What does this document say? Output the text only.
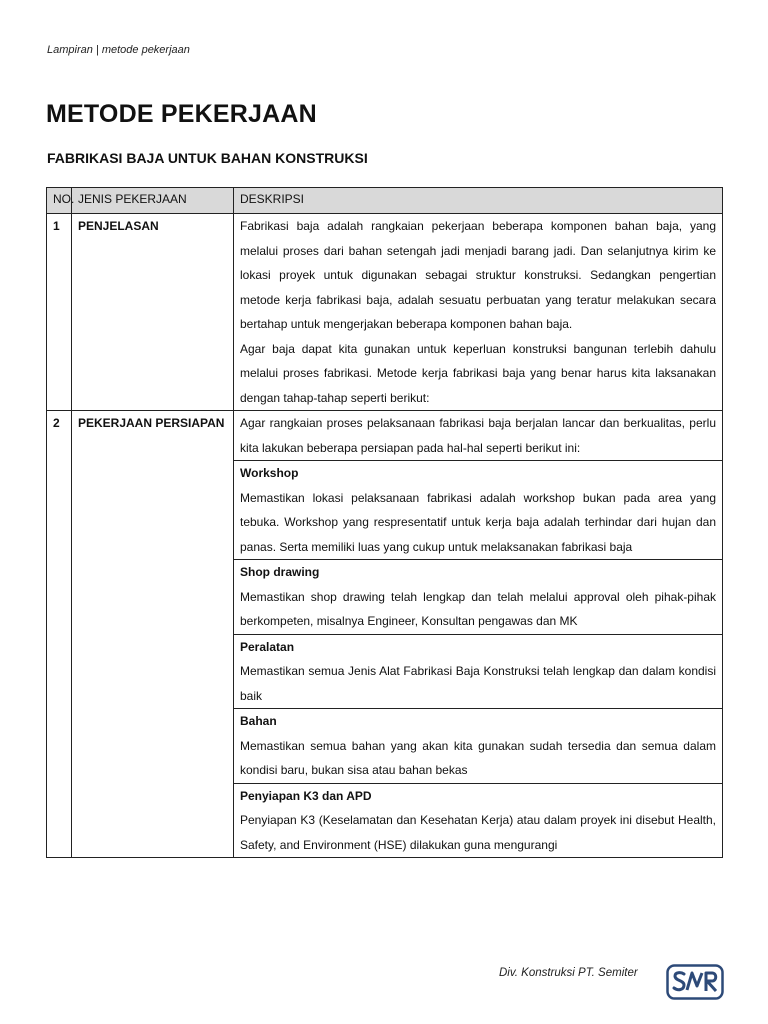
Lampiran | metode pekerjaan
METODE PEKERJAAN
FABRIKASI BAJA UNTUK BAHAN KONSTRUKSI
NO.	JENIS PEKERJAAN	DESKRIPSI
1	PENJELASAN	Fabrikasi baja adalah rangkaian pekerjaan beberapa komponen bahan baja, yang melalui proses dari bahan setengah jadi menjadi barang jadi. Dan selanjutnya kirim ke lokasi proyek untuk digunakan sebagai struktur konstruksi. Sedangkan pengertian metode kerja fabrikasi baja, adalah sesuatu perbuatan yang teratur melakukan secara bertahap untuk mengerjakan beberapa komponen bahan baja.

Agar baja dapat kita gunakan untuk keperluan konstruksi bangunan terlebih dahulu melalui proses fabrikasi. Metode kerja fabrikasi baja yang benar harus kita laksanakan dengan tahap-tahap seperti berikut:

2	PEKERJAAN PERSIAPAN	Agar rangkaian proses pelaksanaan fabrikasi baja berjalan lancar dan berkualitas, perlu kita lakukan beberapa persiapan pada hal-hal seperti berikut ini:

		Workshop

Memastikan lokasi pelaksanaan fabrikasi adalah workshop bukan pada area yang tebuka. Workshop yang respresentatif untuk kerja baja adalah terhindar dari hujan dan panas. Serta memiliki luas yang cukup untuk melaksanakan fabrikasi baja

		Shop drawing

Memastikan shop drawing telah lengkap dan telah melalui approval oleh pihak-pihak berkompeten, misalnya Engineer, Konsultan pengawas dan MK

		Peralatan

Memastikan semua Jenis Alat Fabrikasi Baja Konstruksi telah lengkap dan dalam kondisi baik

		Bahan

Memastikan semua bahan yang akan kita gunakan sudah tersedia dan semua dalam kondisi baru, bukan sisa atau bahan bekas

		Penyiapan K3 dan APD

Penyiapan K3 (Keselamatan dan Kesehatan Kerja) atau dalam proyek ini disebut Health, Safety, and Environment (HSE) dilakukan guna mengurangi

Div. Konstruksi PT. Semiter
